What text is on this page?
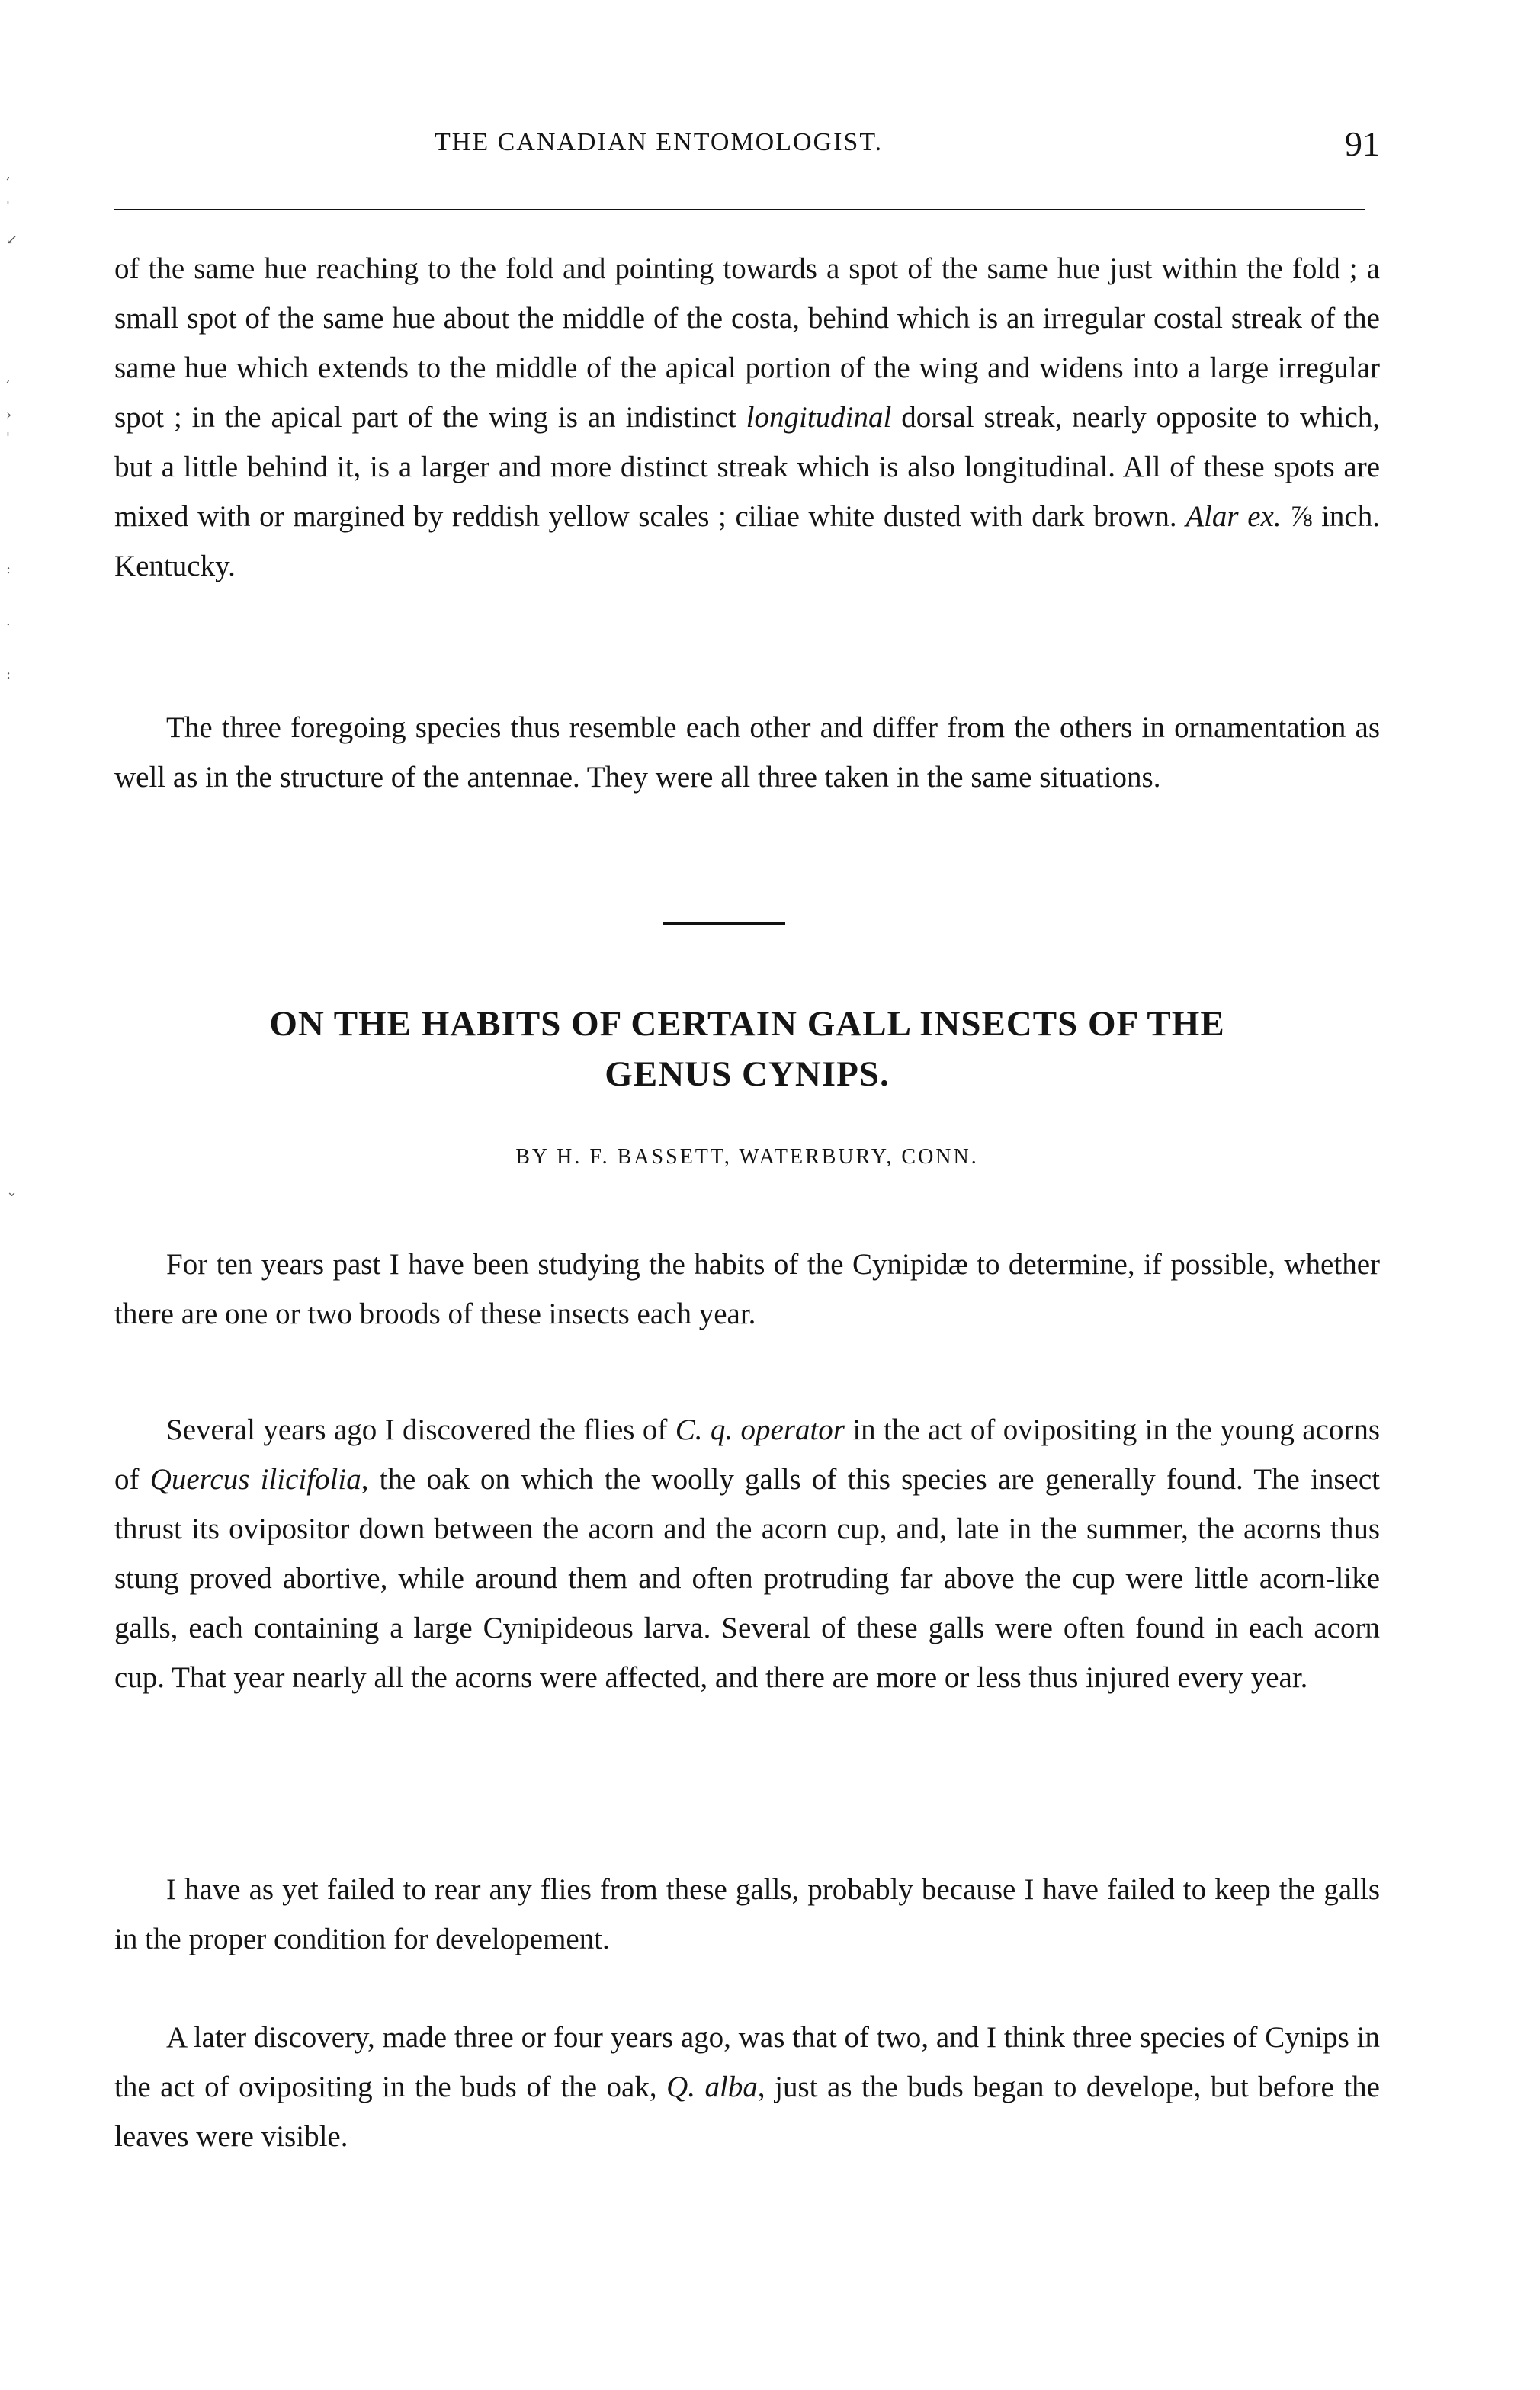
,
'
↙
,
›
'
:
.
:
THE CANADIAN ENTOMOLOGIST.	91

of the same hue reaching to the fold and pointing towards a spot of the same hue just within the fold ; a small spot of the same hue about the middle of the costa, behind which is an irregular costal streak of the same hue which extends to the middle of the apical portion of the wing and widens into a large irregular spot ; in the apical part of the wing is an indistinct longitudinal dorsal streak, nearly opposite to which, but a little behind it, is a larger and more distinct streak which is also longitudinal. All of these spots are mixed with or margined by reddish yellow scales ; ciliae white dusted with dark brown. Alar ex. ⅞ inch. Kentucky.

The three foregoing species thus resemble each other and differ from the others in ornamentation as well as in the structure of the antennae. They were all three taken in the same situations.

ON THE HABITS OF CERTAIN GALL INSECTS OF THE
GENUS CYNIPS.
BY H. F. BASSETT, WATERBURY, CONN.
⌄

For ten years past I have been studying the habits of the Cynipidæ to determine, if possible, whether there are one or two broods of these insects each year.

Several years ago I discovered the flies of C. q. operator in the act of ovipositing in the young acorns of Quercus ilicifolia, the oak on which the woolly galls of this species are generally found. The insect thrust its ovipositor down between the acorn and the acorn cup, and, late in the summer, the acorns thus stung proved abortive, while around them and often protruding far above the cup were little acorn-like galls, each containing a large Cynipideous larva. Several of these galls were often found in each acorn cup. That year nearly all the acorns were affected, and there are more or less thus injured every year.

I have as yet failed to rear any flies from these galls, probably because I have failed to keep the galls in the proper condition for developement.

A later discovery, made three or four years ago, was that of two, and I think three species of Cynips in the act of ovipositing in the buds of the oak, Q. alba, just as the buds began to develope, but before the leaves were visible.
